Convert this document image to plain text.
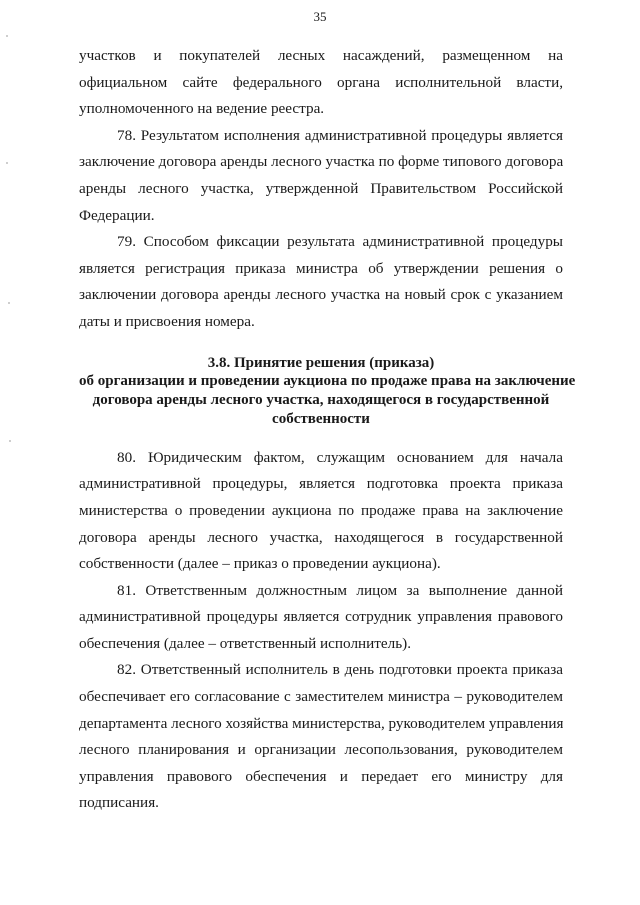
35

участков и покупателей лесных насаждений, размещенном на
официальном сайте федерального органа исполнительной власти,
уполномоченного на ведение реестра.

78. Результатом исполнения административной процедуры является
заключение договора аренды лесного участка по форме типового договора
аренды лесного участка, утвержденной Правительством Российской
Федерации.

79. Способом фиксации результата административной процедуры
является регистрация приказа министра об утверждении решения о
заключении договора аренды лесного участка на новый срок с указанием
даты и присвоения номера.

3.8. Принятие решения (приказа)
об организации и проведении аукциона по продаже права на заключение
договора аренды лесного участка, находящегося в государственной
собственности

80. Юридическим фактом, служащим основанием для начала
административной процедуры, является подготовка проекта приказа
министерства о проведении аукциона по продаже права на заключение
договора аренды лесного участка, находящегося в государственной
собственности (далее – приказ о проведении аукциона).

81. Ответственным должностным лицом за выполнение данной
административной процедуры является сотрудник управления правового
обеспечения (далее – ответственный исполнитель).

82. Ответственный исполнитель в день подготовки проекта приказа
обеспечивает его согласование с заместителем министра – руководителем
департамента лесного хозяйства министерства, руководителем управления
лесного планирования и организации лесопользования, руководителем
управления правового обеспечения и передает его министру для
подписания.
